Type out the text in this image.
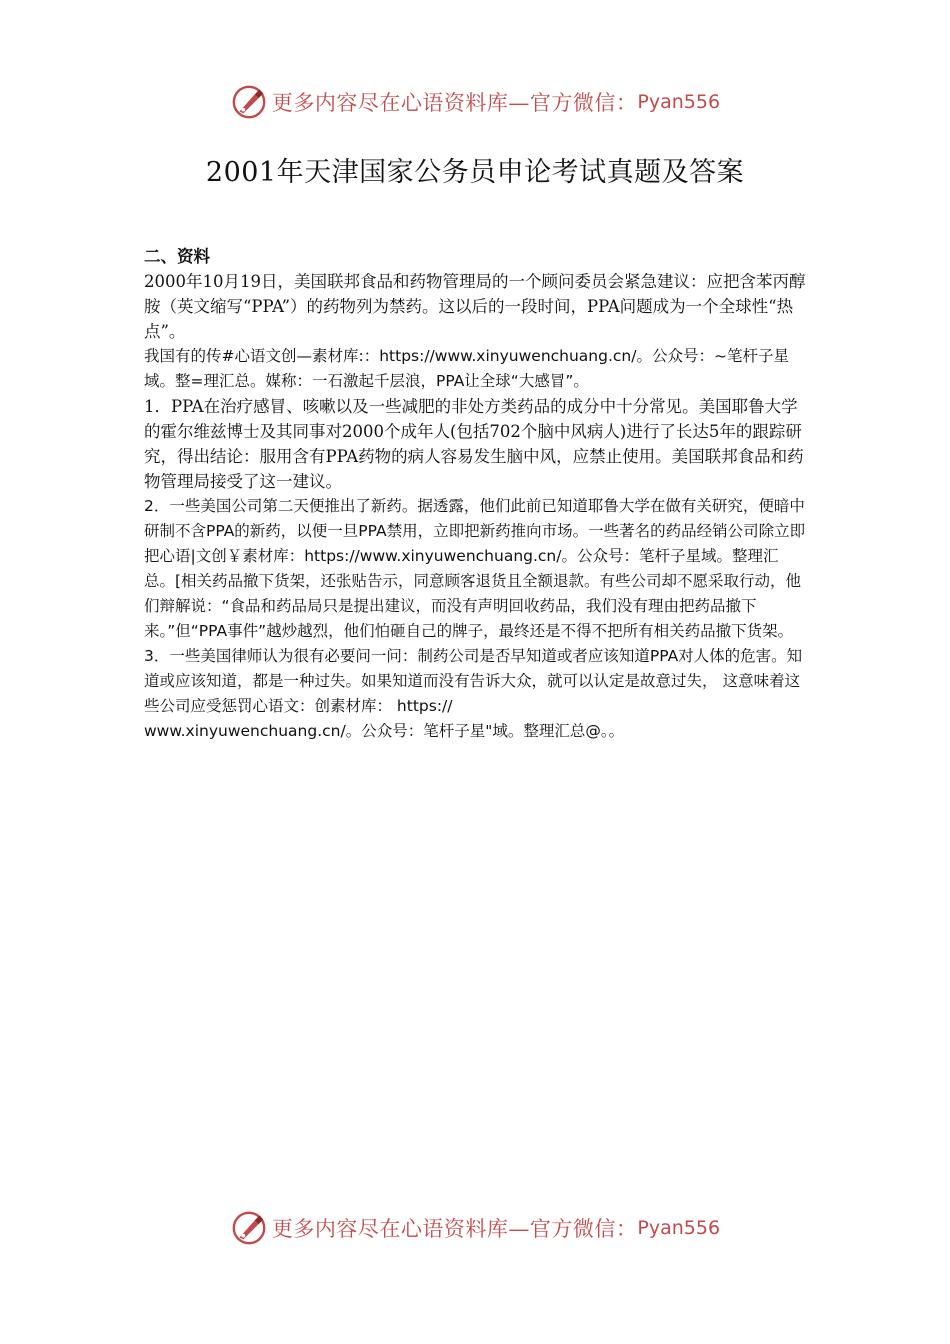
更多内容尽在心语资料库—官方微信： Pyan556
2001年天津国家公务员申论考试真题及答案
二、资料

2000年10月19日，美国联邦食品和药物管理局的一个顾问委员会紧急建议：应把含苯丙醇胺（英文缩写“PPA”）的药物列为禁药。这以后的一段时间，PPA问题成为一个全球性“热点”。

我国有的传#心语文创—素材库:：https://www.xinyuwenchuang.cn/。公众号：~笔杆子星域。整=理汇总。媒称：一石激起千层浪，PPA让全球“大感冒”。

1．PPA在治疗感冒、咳嗽以及一些减肥的非处方类药品的成分中十分常见。美国耶鲁大学的霍尔维兹博士及其同事对2000个成年人(包括702个脑中风病人)进行了长达5年的跟踪研究，得出结论：服用含有PPA药物的病人容易发生脑中风，应禁止使用。美国联邦食品和药物管理局接受了这一建议。

2．一些美国公司第二天便推出了新药。据透露，他们此前已知道耶鲁大学在做有关研究，便暗中研制不含PPA的新药，以便一旦PPA禁用，立即把新药推向市场。一些著名的药品经销公司除立即把心语|文创￥素材库：https://www.xinyuwenchuang.cn/。公众号：笔杆子星域。整理汇总。[相关药品撤下货架，还张贴告示，同意顾客退货且全额退款。有些公司却不愿采取行动，他们辩解说：“食品和药品局只是提出建议，而没有声明回收药品，我们没有理由把药品撤下来。”但“PPA事件”越炒越烈，他们怕砸自己的牌子，最终还是不得不把所有相关药品撤下货架。

3．一些美国律师认为很有必要问一问：制药公司是否早知道或者应该知道PPA对人体的危害。知道或应该知道，都是一种过失。如果知道而没有告诉大众，就可以认定是故意过失，

这意味着这些公司应受惩罚心语文：创素材库： https://

www.xinyuwenchuang.cn/。公众号：笔杆子星"域。整理汇总@。。

更多内容尽在心语资料库—官方微信： Pyan556
